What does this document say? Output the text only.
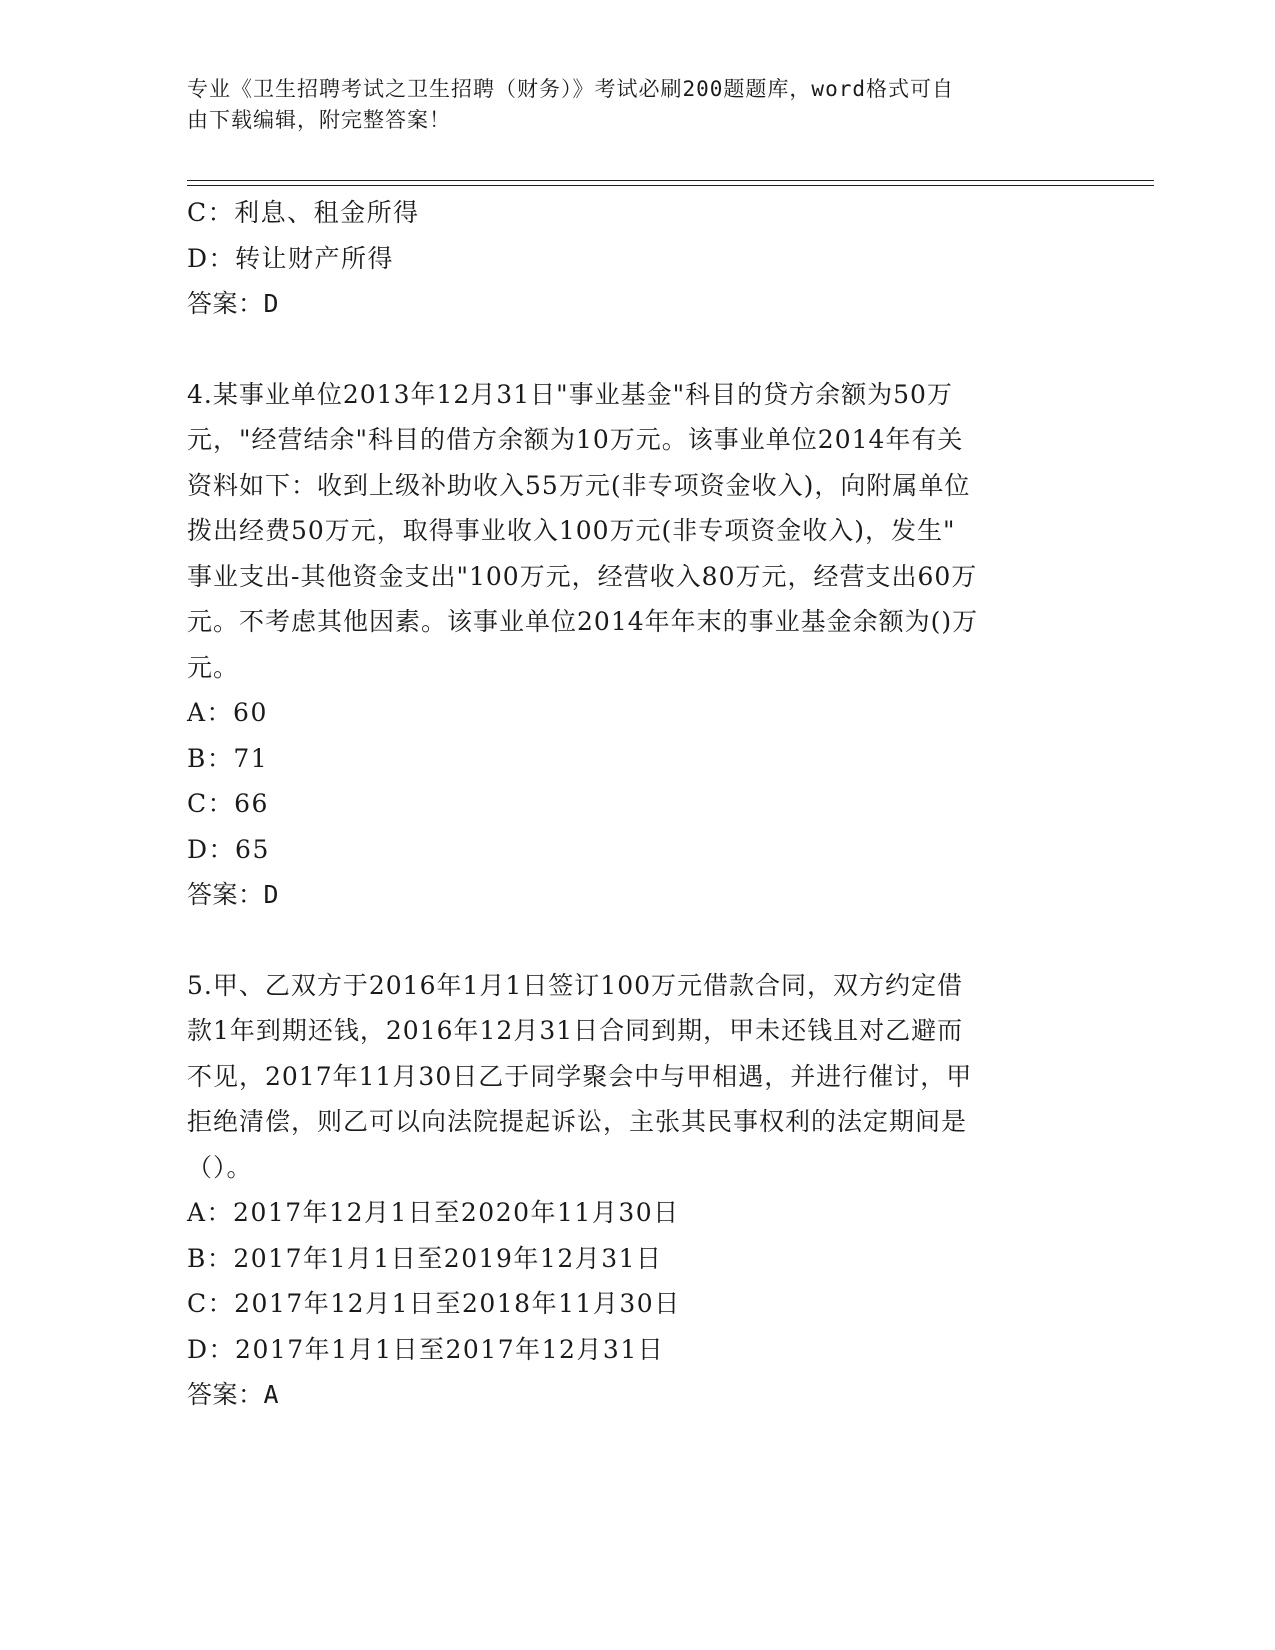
专业《卫生招聘考试之卫生招聘（财务）》考试必刷200题题库，word格式可自
由下载编辑，附完整答案！
C：利息、租金所得
D：转让财产所得
答案：D
4.某事业单位2013年12月31日"事业基金"科目的贷方余额为50万
元，"经营结余"科目的借方余额为10万元。该事业单位2014年有关
资料如下：收到上级补助收入55万元(非专项资金收入)，向附属单位
拨出经费50万元，取得事业收入100万元(非专项资金收入)，发生"
事业支出-其他资金支出"100万元，经营收入80万元，经营支出60万
元。不考虑其他因素。该事业单位2014年年末的事业基金余额为()万
元。
A：60
B：71
C：66
D：65
答案：D
5.甲、乙双方于2016年1月1日签订100万元借款合同，双方约定借
款1年到期还钱，2016年12月31日合同到期，甲未还钱且对乙避而
不见，2017年11月30日乙于同学聚会中与甲相遇，并进行催讨，甲
拒绝清偿，则乙可以向法院提起诉讼，主张其民事权利的法定期间是
（）。
A：2017年12月1日至2020年11月30日
B：2017年1月1日至2019年12月31日
C：2017年12月1日至2018年11月30日
D：2017年1月1日至2017年12月31日
答案：A
